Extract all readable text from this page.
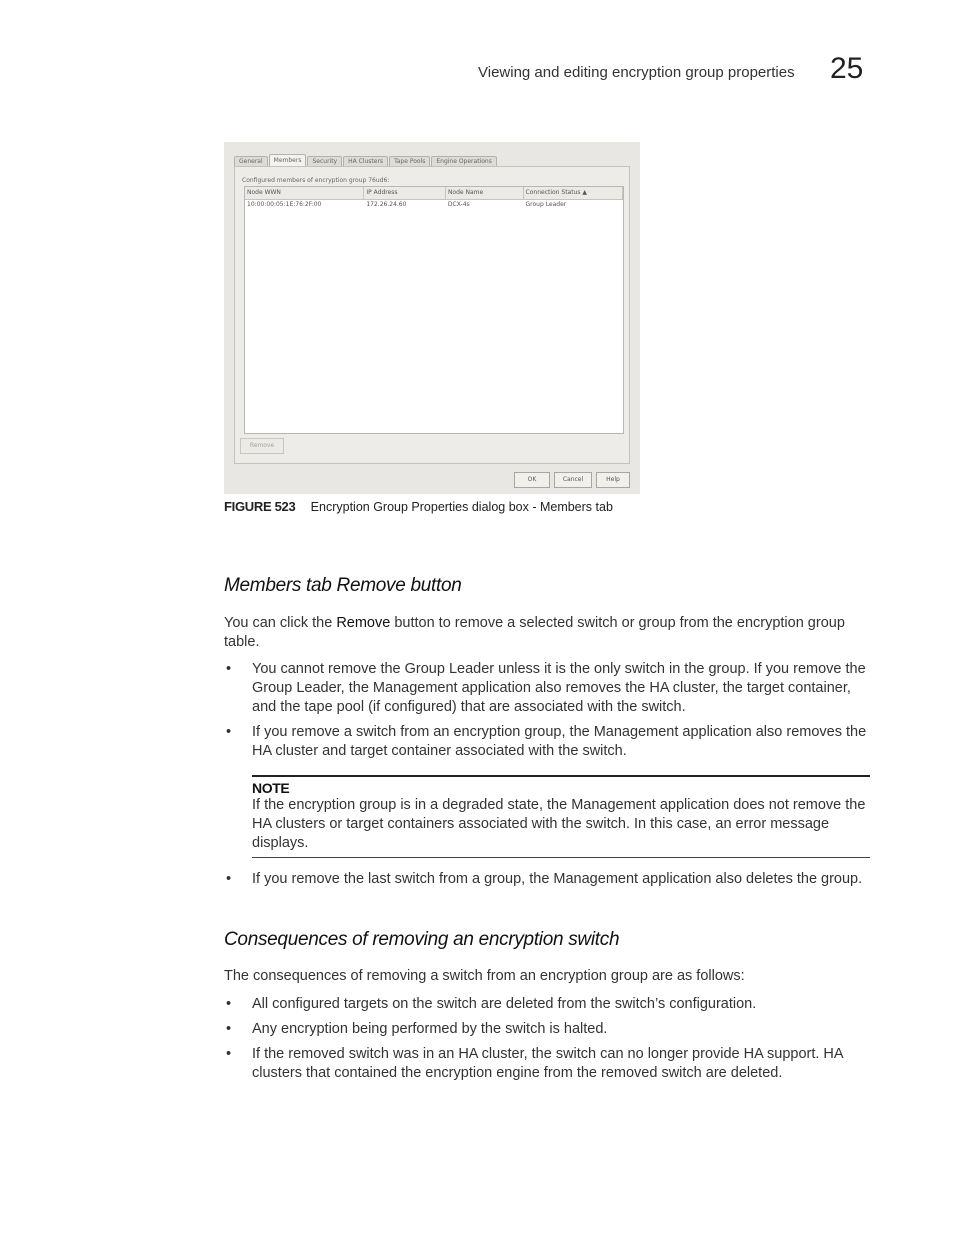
Viewing and editing encryption group properties 25
General	Members	Security	HA Clusters	Tape Pools	Engine Operations
Configured members of encryption group 76ud6:
Node WWN	IP Address	Node Name	Connection Status ▲
10:00:00:05:1E:76:2F:00	172.26.24.60	DCX-4s	Group Leader
Remove
OK	Cancel	Help
FIGURE 523 Encryption Group Properties dialog box - Members tab
Members tab Remove button
You can click the Remove button to remove a selected switch or group from the encryption group table.
• You cannot remove the Group Leader unless it is the only switch in the group. If you remove the Group Leader, the Management application also removes the HA cluster, the target container, and the tape pool (if configured) that are associated with the switch.
• If you remove a switch from an encryption group, the Management application also removes the HA cluster and target container associated with the switch.
NOTE
If the encryption group is in a degraded state, the Management application does not remove the HA clusters or target containers associated with the switch. In this case, an error message displays.
• If you remove the last switch from a group, the Management application also deletes the group.
Consequences of removing an encryption switch
The consequences of removing a switch from an encryption group are as follows:
• All configured targets on the switch are deleted from the switch’s configuration.
• Any encryption being performed by the switch is halted.
• If the removed switch was in an HA cluster, the switch can no longer provide HA support. HA clusters that contained the encryption engine from the removed switch are deleted.
